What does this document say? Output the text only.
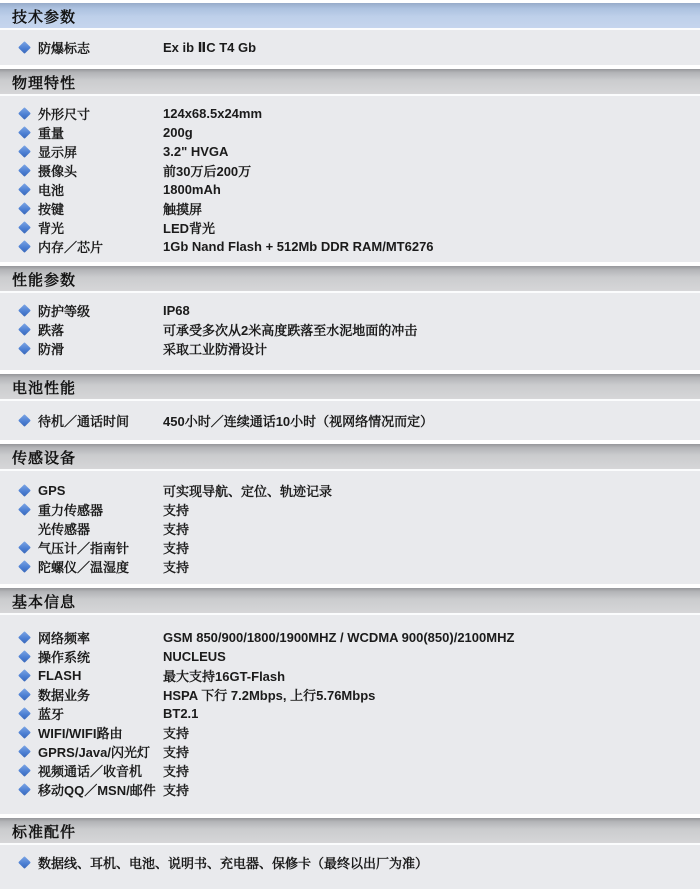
技术参数
防爆标志	Ex ib ⅡC T4 Gb
物理特性
外形尺寸	124x68.5x24mm
重量	200g
显示屏	3.2" HVGA
摄像头	前30万后200万
电池	1800mAh
按键	触摸屏
背光	LED背光
内存／芯片	1Gb Nand Flash + 512Mb DDR RAM/MT6276
性能参数
防护等级	IP68
跌落	可承受多次从2米高度跌落至水泥地面的冲击
防滑	采取工业防滑设计
电池性能
待机／通话时间	450小时／连续通话10小时（视网络情况而定）
传感设备
GPS	可实现导航、定位、轨迹记录
重力传感器	支持
光传感器	支持
气压计／指南针	支持
陀螺仪／温湿度	支持
基本信息
网络频率	GSM 850/900/1800/1900MHZ / WCDMA 900(850)/2100MHZ
操作系统	NUCLEUS
FLASH	最大支持16GT-Flash
数据业务	HSPA 下行 7.2Mbps, 上行5.76Mbps
蓝牙	BT2.1
WIFI/WIFI路由	支持
GPRS/Java/闪光灯	支持
视频通话／收音机	支持
移动QQ／MSN/邮件 支持
标准配件
数据线、耳机、电池、说明书、充电器、保修卡（最终以出厂为准）
